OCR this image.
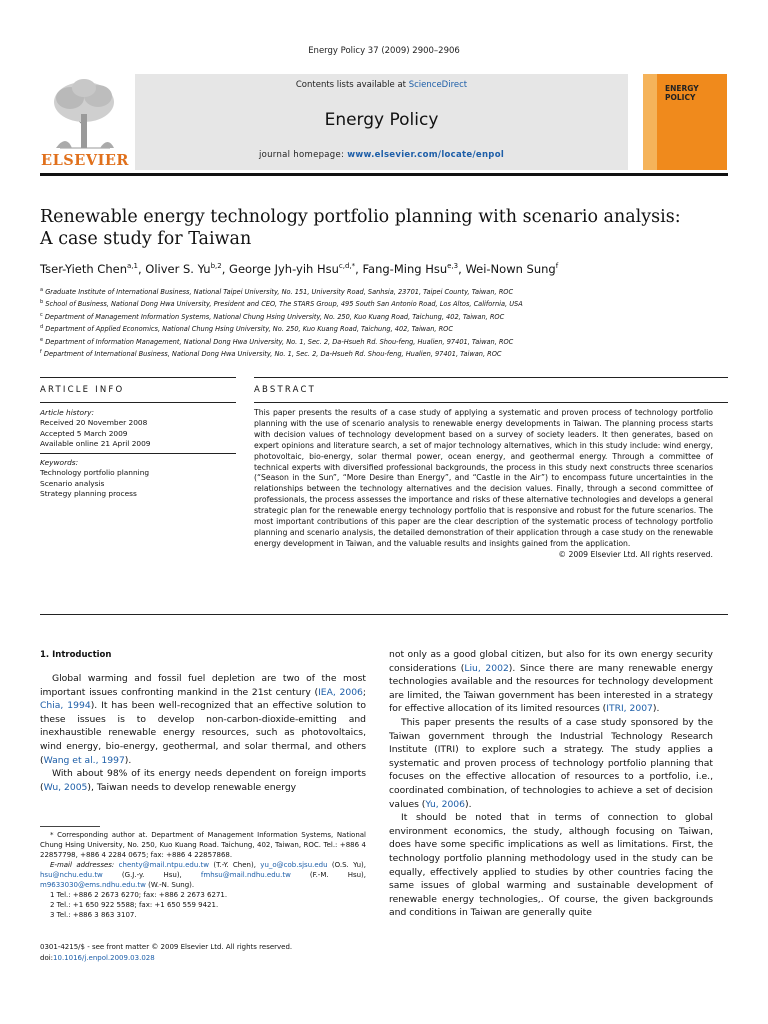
Energy Policy 37 (2009) 2900–2906
ELSEVIER
Contents lists available at ScienceDirect
Energy Policy
journal homepage: www.elsevier.com/locate/enpol
ENERGY
POLICY
Renewable energy technology portfolio planning with scenario analysis:
A case study for Taiwan
Tser-Yieth Chen$^{a,1}$, Oliver S. Yu$^{b,2}$, George Jyh-yih Hsu$^{c,d,*}$, Fang-Ming Hsu$^{e,3}$, Wei-Nown Sung$^f$
$^a$ Graduate Institute of International Business, National Taipei University, No. 151, University Road, Sanhsia, 23701, Taipei County, Taiwan, ROC
$^b$ School of Business, National Dong Hwa University, President and CEO, The STARS Group, 495 South San Antonio Road, Los Altos, California, USA
$^c$ Department of Management Information Systems, National Chung Hsing University, No. 250, Kuo Kuang Road, Taichung, 402, Taiwan, ROC
$^d$ Department of Applied Economics, National Chung Hsing University, No. 250, Kuo Kuang Road, Taichung, 402, Taiwan, ROC
$^e$ Department of Information Management, National Dong Hwa University, No. 1, Sec. 2, Da-Hsueh Rd. Shou-feng, Hualien, 97401, Taiwan, ROC
$^f$ Department of International Business, National Dong Hwa University, No. 1, Sec. 2, Da-Hsueh Rd. Shou-feng, Hualien, 97401, Taiwan, ROC
ARTICLE INFO	ABSTRACT
Article history:
Received 20 November 2008
Accepted 5 March 2009
Available online 21 April 2009
Keywords:
Technology portfolio planning
Scenario analysis
Strategy planning process
This paper presents the results of a case study of applying a systematic and proven process of technology portfolio planning with the use of scenario analysis to renewable energy developments in Taiwan. The planning process starts with decision values of technology development based on a survey of society leaders. It then generates, based on expert opinions and literature search, a set of major technology alternatives, which in this study include: wind energy, photovoltaic, bio-energy, solar thermal power, ocean energy, and geothermal energy. Through a committee of technical experts with diversified professional backgrounds, the process in this study next constructs three scenarios (“Season in the Sun”, “More Desire than Energy”, and “Castle in the Air”) to encompass future uncertainties in the relationships between the technology alternatives and the decision values. Finally, through a second committee of professionals, the process assesses the importance and risks of these alternative technologies and develops a general strategic plan for the renewable energy technology portfolio that is responsive and robust for the future scenarios. The most important contributions of this paper are the clear description of the systematic process of technology portfolio planning and scenario analysis, the detailed demonstration of their application through a case study on the renewable energy development in Taiwan, and the valuable results and insights gained from the application.
© 2009 Elsevier Ltd. All rights reserved.
1. Introduction

Global warming and fossil fuel depletion are two of the most important issues confronting mankind in the 21st century (IEA, 2006; Chia, 1994). It has been well-recognized that an effective solution to these issues is to develop non-carbon-dioxide-emitting and inexhaustible renewable energy resources, such as photovoltaics, wind energy, bio-energy, geothermal, and solar thermal, and others (Wang et al., 1997).

With about 98% of its energy needs dependent on foreign imports (Wu, 2005), Taiwan needs to develop renewable energy

not only as a good global citizen, but also for its own energy security considerations (Liu, 2002). Since there are many renewable energy technologies available and the resources for technology development are limited, the Taiwan government has been interested in a strategy for effective allocation of its limited resources (ITRI, 2007).

This paper presents the results of a case study sponsored by the Taiwan government through the Industrial Technology Research Institute (ITRI) to explore such a strategy. The study applies a systematic and proven process of technology portfolio planning that focuses on the effective allocation of resources to a portfolio, i.e., coordinated combination, of technologies to achieve a set of decision values (Yu, 2006).

It should be noted that in terms of connection to global environment economics, the study, although focusing on Taiwan, does have some specific implications as well as limitations. First, the technology portfolio planning methodology used in the study can be equally, effectively applied to studies by other countries facing the same issues of global warming and sustainable development of renewable energy technologies,. Of course, the given backgrounds and conditions in Taiwan are generally quite

* Corresponding author at. Department of Management Information Systems, National Chung Hsing University, No. 250, Kuo Kuang Road. Taichung, 402, Taiwan, ROC. Tel.: +886 4 22857798, +886 4 2284 0675; fax: +886 4 22857868.
E-mail addresses: chenty@mail.ntpu.edu.tw (T.-Y. Chen), yu_o@cob.sjsu.edu (O.S. Yu), hsu@nchu.edu.tw (G.J.-y. Hsu), fmhsu@mail.ndhu.edu.tw (F.-M. Hsu), m9633030@ems.ndhu.edu.tw (W.-N. Sung).
1 Tel.: +886 2 2673 6270; fax: +886 2 2673 6271.
2 Tel.: +1 650 922 5588; fax: +1 650 559 9421.
3 Tel.: +886 3 863 3107.
0301-4215/$ - see front matter © 2009 Elsevier Ltd. All rights reserved.
doi:10.1016/j.enpol.2009.03.028
